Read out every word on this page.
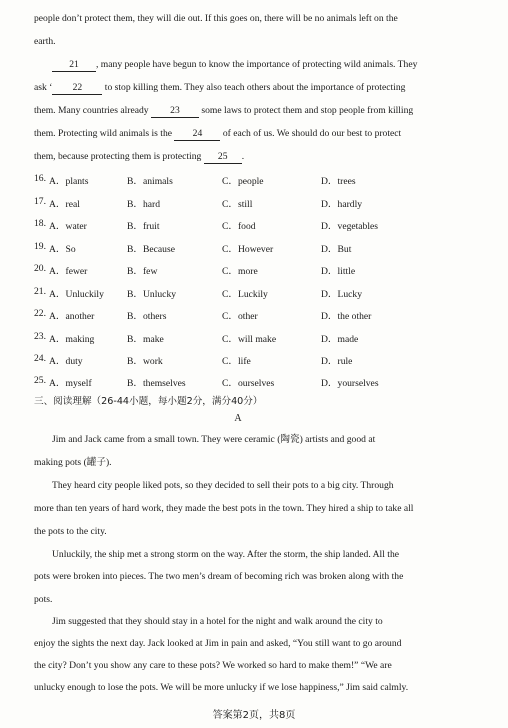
people don’t protect them, they will die out. If this goes on, there will be no animals left on the
earth.
21 , many people have begun to know the importance of protecting wild animals. They
ask ‘ 22 to stop killing them. They also teach others about the importance of protecting
them. Many countries already 23 some laws to protect them and stop people from killing
them. Protecting wild animals is the 24 of each of us. We should do our best to protect
them, because protecting them is protecting 25 .
16. A．plants	B．animals	C．people	D．trees
17. A．real	B．hard	C．still	D．hardly
18. A．water	B．fruit	C．food	D．vegetables
19. A．So	B．Because	C．However	D．But
20. A．fewer	B．few	C．more	D．little
21. A．Unluckily B．Unlucky	C．Luckily	D．Lucky
22. A．another	B．others	C．other	D．the other
23. A．making	B．make	C．will make	D．made
24. A．duty	B．work	C．life	D．rule
25. A．myself	B．themselves	C．ourselves	D．yourselves
三、阅读理解（26-44小题，每小题2分，满分40分）
A
Jim and Jack came from a small town. They were ceramic (陶瓷) artists and good at
making pots (罐子).
They heard city people liked pots, so they decided to sell their pots to a big city. Through
more than ten years of hard work, they made the best pots in the town. They hired a ship to take all
the pots to the city.
Unluckily, the ship met a strong storm on the way. After the storm, the ship landed. All the
pots were broken into pieces. The two men’s dream of becoming rich was broken along with the
pots.
Jim suggested that they should stay in a hotel for the night and walk around the city to
enjoy the sights the next day. Jack looked at Jim in pain and asked, “You still want to go around
the city? Don’t you show any care to these pots? We worked so hard to make them!” “We are
unlucky enough to lose the pots. We will be more unlucky if we lose happiness,” Jim said calmly.
答案第2页，共8页
